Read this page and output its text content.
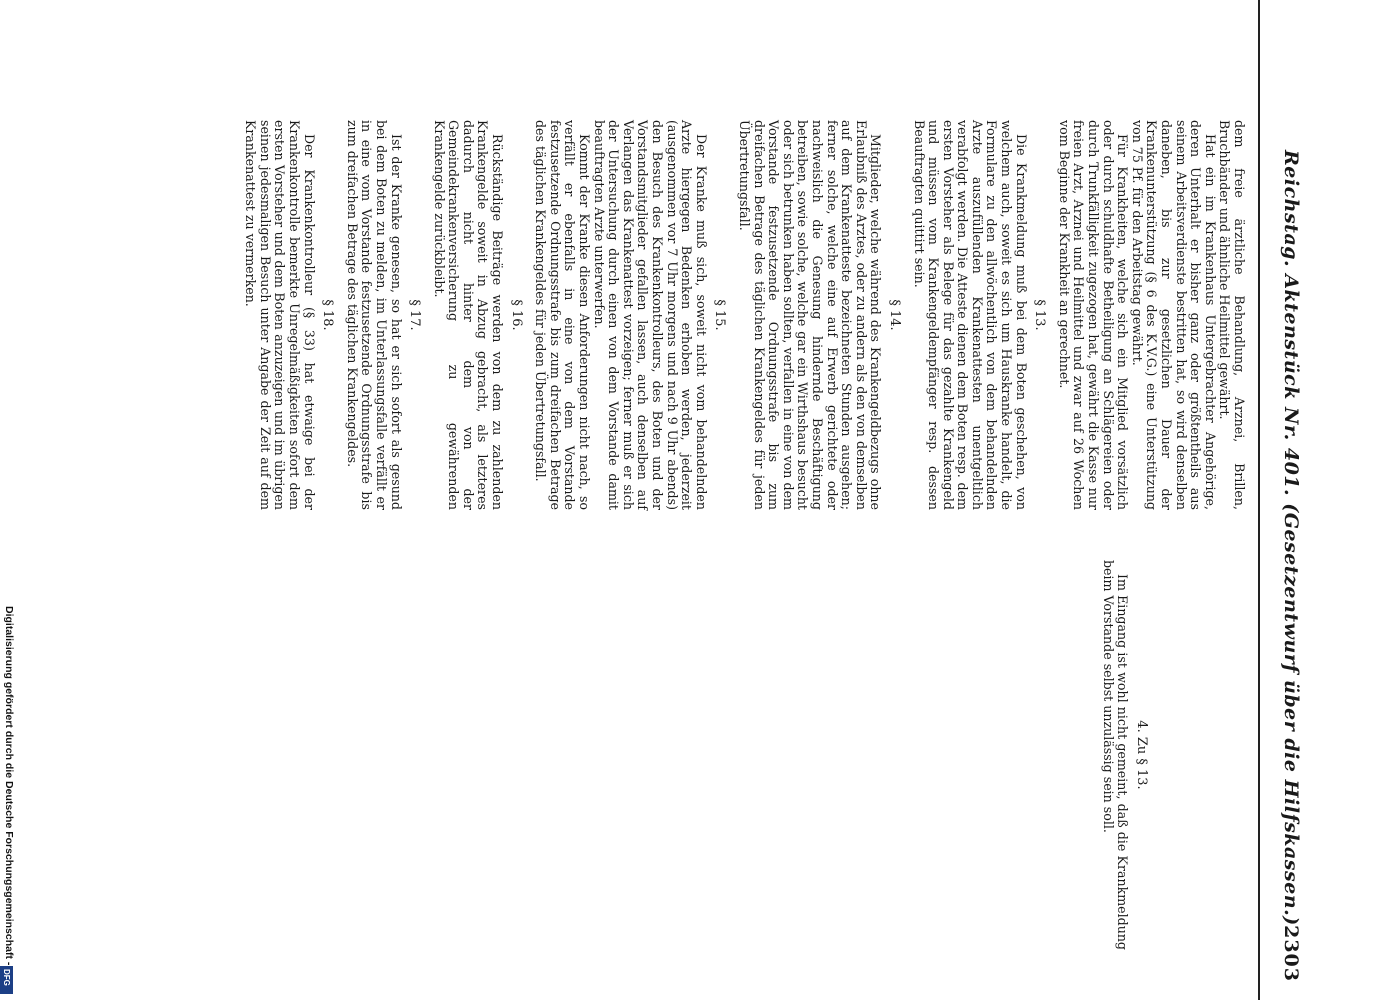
Reichstag. Aktenstück Nr. 401. (Gesetzentwurf über die Hilfskassen.)
2303

dem freie ärztliche Behandlung, Arznei, Brillen, Bruchbänder und ähnliche Heilmittel gewährt.

Hat ein im Krankenhaus Untergebrachter Angehörige, deren Unterhalt er bisher ganz oder größtentheils aus seinem Arbeitsverdienste bestritten hat, so wird denselben daneben, bis zur gesetzlichen Dauer der Krankenunterstützung (§ 6 des K.V.G.) eine Unterstützung von 75 Pf. für den Arbeitstag gewährt.

Für Krankheiten, welche sich ein Mitglied vorsätzlich oder durch schuldhafte Betheiligung an Schlägereien oder durch Trunkfälligkeit zugezogen hat, gewährt die Kasse nur freien Arzt, Arznei und Heilmittel und zwar auf 26 Wochen vom Beginne der Krankheit an gerechnet.

§ 13.

Die Krankmeldung muß bei dem Boten geschehen, von welchem auch, soweit es sich um Hauskranke handelt, die Formulare zu den allwöchentlich von dem behandelnden Arzte auszufüllenden Krankenattesten unentgeltlich verabfolgt werden. Die Atteste dienen dem Boten resp. dem ersten Vorsteher als Belege für das gezahlte Krankengeld und müssen vom Krankengeldempfänger resp. dessen Beauftragten quittirt sein.

§ 14.

Mitglieder, welche während des Krankengeldbezugs ohne Erlaubniß des Arztes, oder zu andern als den von demselben auf dem Krankenatteste bezeichneten Stunden ausgehen; ferner solche, welche eine auf Erwerb gerichtete oder nachweislich die Genesung hindernde Beschäftigung betreiben, sowie solche, welche gar ein Wirthshaus besucht oder sich betrunken haben sollten, verfallen in eine von dem Vorstande festzusetzende Ordnungsstrafe bis zum dreifachen Betrage des täglichen Krankengeldes für jeden Übertretungsfall.

§ 15.

Der Kranke muß sich, soweit nicht vom behandelnden Arzte hiergegen Bedenken erhoben werden, jederzeit (ausgenommen vor 7 Uhr morgens und nach 9 Uhr abends) den Besuch des Krankenkontrolleurs, des Boten und der Vorstandsmitglieder gefallen lassen, auch denselben auf Verlangen das Krankenattest vorzeigen; ferner muß er sich der Untersuchung durch einen von dem Vorstande damit beauftragten Arzte unterwerfen.

Kommt der Kranke diesen Anforderungen nicht nach, so verfällt er ebenfalls in eine von dem Vorstande festzusetzende Ordnungsstrafe bis zum dreifachen Betrage des täglichen Krankengeldes für jeden Übertretungsfall.

§ 16.

Rückständige Beiträge werden von dem zu zahlenden Krankengelde soweit in Abzug gebracht, als letzteres dadurch nicht hinter dem von der Gemeindekrankenversicherung zu gewährenden Krankengelde zurückbleibt.

§ 17.

Ist der Kranke genesen, so hat er sich sofort als gesund bei dem Boten zu melden, im Unterlassungsfalle verfällt er in eine vom Vorstande festzusetzende Ordnungsstrafe bis zum dreifachen Betrage des täglichen Krankengeldes.

§ 18.

Der Krankenkontrolleur (§ 33) hat etwaige bei der Krankenkontrolle bemerkte Unregelmäßigkeiten sofort dem ersten Vorsteher und dem Boten anzuzeigen und im übrigen seinen jedesmaligen Besuch unter Angabe der Zeit auf dem Krankenattest zu vermerken.

4. Zu § 13.

Im Eingang ist wohl nicht gemeint, daß die Krankmeldung beim Vorstande selbst unzulässig sein soll.

Digitalisierung gefördert durch die Deutsche Forschungsgemeinschaft -
DFG
